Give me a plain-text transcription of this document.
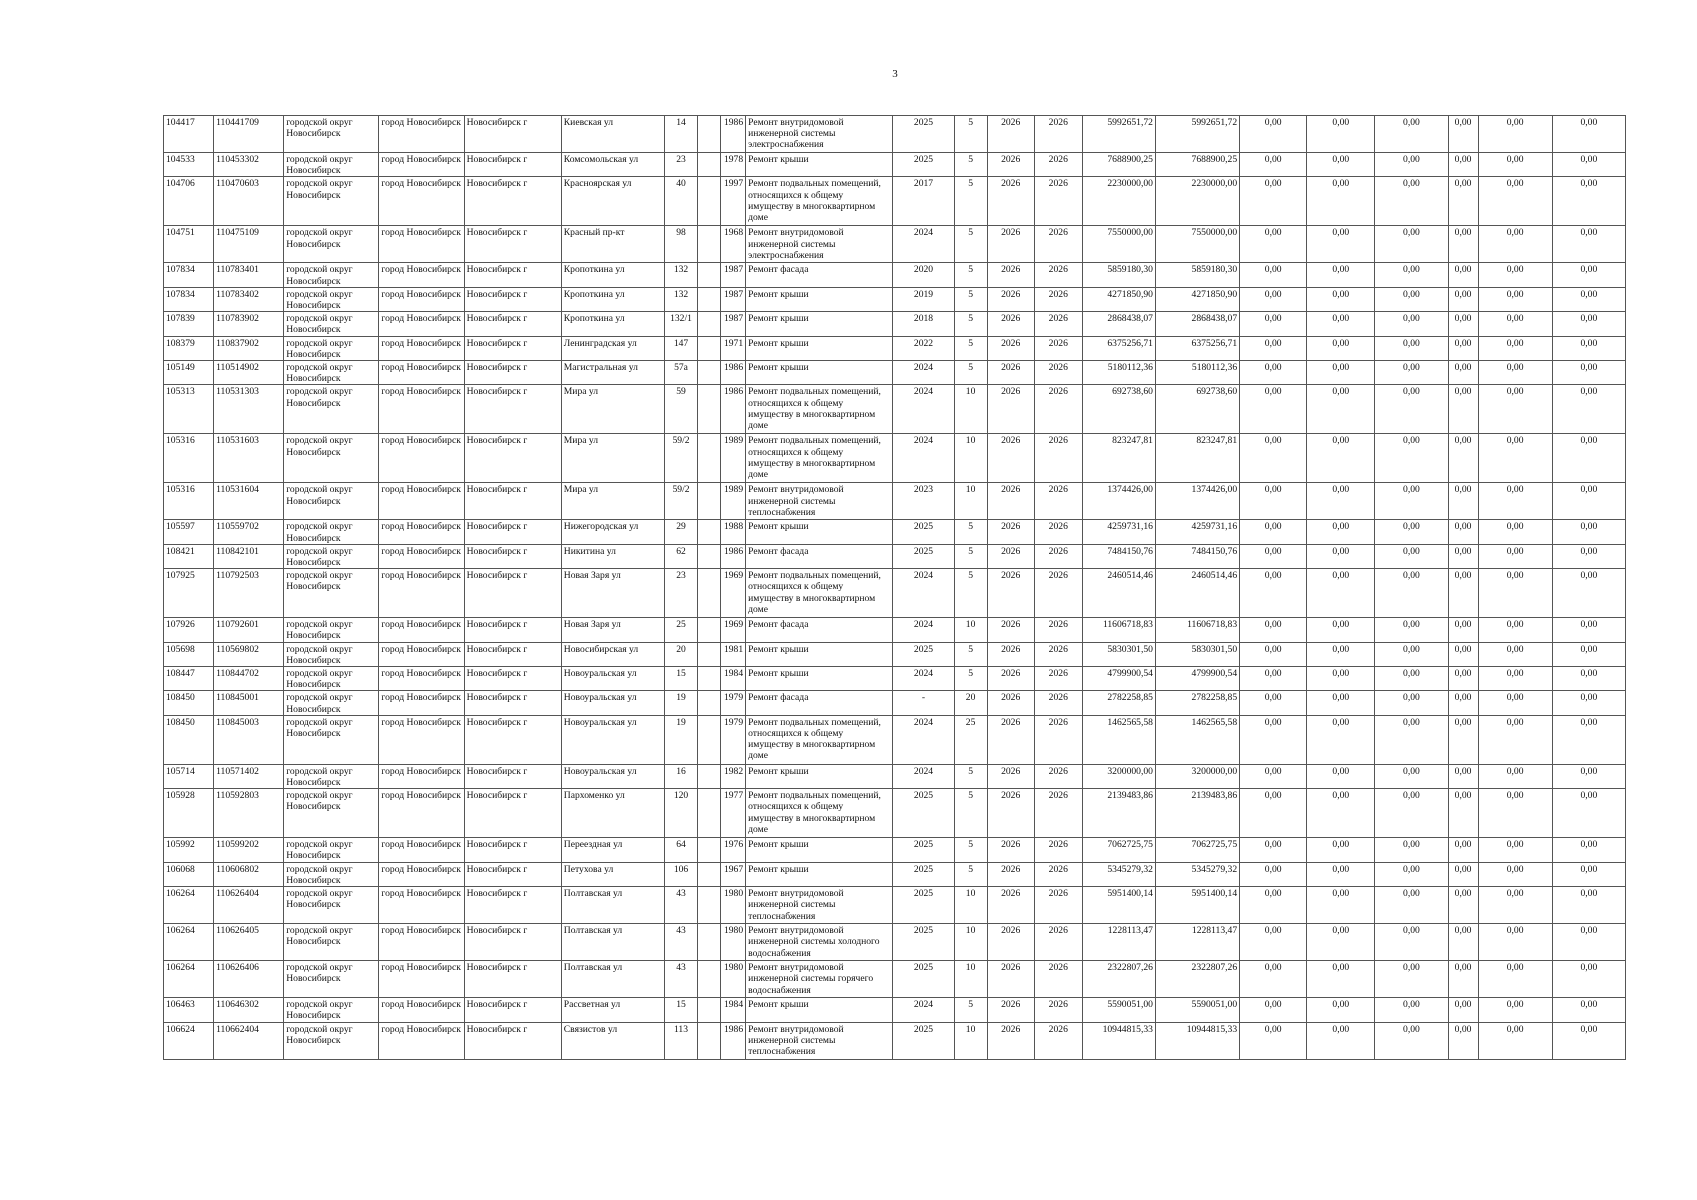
3
104417	110441709	городской округ Новосибирск	город Новосибирск	Новосибирск г	Киевская ул	14		1986	Ремонт внутридомовой инженерной системы электроснабжения	2025	5	2026	2026	5992651,72	5992651,72	0,00	0,00	0,00	0,00	0,00	0,00
104533	110453302	городской округ Новосибирск	город Новосибирск	Новосибирск г	Комсомольская ул	23		1978	Ремонт крыши	2025	5	2026	2026	7688900,25	7688900,25	0,00	0,00	0,00	0,00	0,00	0,00
104706	110470603	городской округ Новосибирск	город Новосибирск	Новосибирск г	Красноярская ул	40		1997	Ремонт подвальных помещений, относящихся к общему имуществу в многоквартирном доме	2017	5	2026	2026	2230000,00	2230000,00	0,00	0,00	0,00	0,00	0,00	0,00
104751	110475109	городской округ Новосибирск	город Новосибирск	Новосибирск г	Красный пр-кт	98		1968	Ремонт внутридомовой инженерной системы электроснабжения	2024	5	2026	2026	7550000,00	7550000,00	0,00	0,00	0,00	0,00	0,00	0,00
107834	110783401	городской округ Новосибирск	город Новосибирск	Новосибирск г	Кропоткина ул	132		1987	Ремонт фасада	2020	5	2026	2026	5859180,30	5859180,30	0,00	0,00	0,00	0,00	0,00	0,00
107834	110783402	городской округ Новосибирск	город Новосибирск	Новосибирск г	Кропоткина ул	132		1987	Ремонт крыши	2019	5	2026	2026	4271850,90	4271850,90	0,00	0,00	0,00	0,00	0,00	0,00
107839	110783902	городской округ Новосибирск	город Новосибирск	Новосибирск г	Кропоткина ул	132/1		1987	Ремонт крыши	2018	5	2026	2026	2868438,07	2868438,07	0,00	0,00	0,00	0,00	0,00	0,00
108379	110837902	городской округ Новосибирск	город Новосибирск	Новосибирск г	Ленинградская ул	147		1971	Ремонт крыши	2022	5	2026	2026	6375256,71	6375256,71	0,00	0,00	0,00	0,00	0,00	0,00
105149	110514902	городской округ Новосибирск	город Новосибирск	Новосибирск г	Магистральная ул	57а		1986	Ремонт крыши	2024	5	2026	2026	5180112,36	5180112,36	0,00	0,00	0,00	0,00	0,00	0,00
105313	110531303	городской округ Новосибирск	город Новосибирск	Новосибирск г	Мира ул	59		1986	Ремонт подвальных помещений, относящихся к общему имуществу в многоквартирном доме	2024	10	2026	2026	692738,60	692738,60	0,00	0,00	0,00	0,00	0,00	0,00
105316	110531603	городской округ Новосибирск	город Новосибирск	Новосибирск г	Мира ул	59/2		1989	Ремонт подвальных помещений, относящихся к общему имуществу в многоквартирном доме	2024	10	2026	2026	823247,81	823247,81	0,00	0,00	0,00	0,00	0,00	0,00
105316	110531604	городской округ Новосибирск	город Новосибирск	Новосибирск г	Мира ул	59/2		1989	Ремонт внутридомовой инженерной системы теплоснабжения	2023	10	2026	2026	1374426,00	1374426,00	0,00	0,00	0,00	0,00	0,00	0,00
105597	110559702	городской округ Новосибирск	город Новосибирск	Новосибирск г	Нижегородская ул	29		1988	Ремонт крыши	2025	5	2026	2026	4259731,16	4259731,16	0,00	0,00	0,00	0,00	0,00	0,00
108421	110842101	городской округ Новосибирск	город Новосибирск	Новосибирск г	Никитина ул	62		1986	Ремонт фасада	2025	5	2026	2026	7484150,76	7484150,76	0,00	0,00	0,00	0,00	0,00	0,00
107925	110792503	городской округ Новосибирск	город Новосибирск	Новосибирск г	Новая Заря ул	23		1969	Ремонт подвальных помещений, относящихся к общему имуществу в многоквартирном доме	2024	5	2026	2026	2460514,46	2460514,46	0,00	0,00	0,00	0,00	0,00	0,00
107926	110792601	городской округ Новосибирск	город Новосибирск	Новосибирск г	Новая Заря ул	25		1969	Ремонт фасада	2024	10	2026	2026	11606718,83	11606718,83	0,00	0,00	0,00	0,00	0,00	0,00
105698	110569802	городской округ Новосибирск	город Новосибирск	Новосибирск г	Новосибирская ул	20		1981	Ремонт крыши	2025	5	2026	2026	5830301,50	5830301,50	0,00	0,00	0,00	0,00	0,00	0,00
108447	110844702	городской округ Новосибирск	город Новосибирск	Новосибирск г	Новоуральская ул	15		1984	Ремонт крыши	2024	5	2026	2026	4799900,54	4799900,54	0,00	0,00	0,00	0,00	0,00	0,00
108450	110845001	городской округ Новосибирск	город Новосибирск	Новосибирск г	Новоуральская ул	19		1979	Ремонт фасада	-	20	2026	2026	2782258,85	2782258,85	0,00	0,00	0,00	0,00	0,00	0,00
108450	110845003	городской округ Новосибирск	город Новосибирск	Новосибирск г	Новоуральская ул	19		1979	Ремонт подвальных помещений, относящихся к общему имуществу в многоквартирном доме	2024	25	2026	2026	1462565,58	1462565,58	0,00	0,00	0,00	0,00	0,00	0,00
105714	110571402	городской округ Новосибирск	город Новосибирск	Новосибирск г	Новоуральская ул	16		1982	Ремонт крыши	2024	5	2026	2026	3200000,00	3200000,00	0,00	0,00	0,00	0,00	0,00	0,00
105928	110592803	городской округ Новосибирск	город Новосибирск	Новосибирск г	Пархоменко ул	120		1977	Ремонт подвальных помещений, относящихся к общему имуществу в многоквартирном доме	2025	5	2026	2026	2139483,86	2139483,86	0,00	0,00	0,00	0,00	0,00	0,00
105992	110599202	городской округ Новосибирск	город Новосибирск	Новосибирск г	Переездная ул	64		1976	Ремонт крыши	2025	5	2026	2026	7062725,75	7062725,75	0,00	0,00	0,00	0,00	0,00	0,00
106068	110606802	городской округ Новосибирск	город Новосибирск	Новосибирск г	Петухова ул	106		1967	Ремонт крыши	2025	5	2026	2026	5345279,32	5345279,32	0,00	0,00	0,00	0,00	0,00	0,00
106264	110626404	городской округ Новосибирск	город Новосибирск	Новосибирск г	Полтавская ул	43		1980	Ремонт внутридомовой инженерной системы теплоснабжения	2025	10	2026	2026	5951400,14	5951400,14	0,00	0,00	0,00	0,00	0,00	0,00
106264	110626405	городской округ Новосибирск	город Новосибирск	Новосибирск г	Полтавская ул	43		1980	Ремонт внутридомовой инженерной системы холодного водоснабжения	2025	10	2026	2026	1228113,47	1228113,47	0,00	0,00	0,00	0,00	0,00	0,00
106264	110626406	городской округ Новосибирск	город Новосибирск	Новосибирск г	Полтавская ул	43		1980	Ремонт внутридомовой инженерной системы горячего водоснабжения	2025	10	2026	2026	2322807,26	2322807,26	0,00	0,00	0,00	0,00	0,00	0,00
106463	110646302	городской округ Новосибирск	город Новосибирск	Новосибирск г	Рассветная ул	15		1984	Ремонт крыши	2024	5	2026	2026	5590051,00	5590051,00	0,00	0,00	0,00	0,00	0,00	0,00
106624	110662404	городской округ Новосибирск	город Новосибирск	Новосибирск г	Связистов ул	113		1986	Ремонт внутридомовой инженерной системы теплоснабжения	2025	10	2026	2026	10944815,33	10944815,33	0,00	0,00	0,00	0,00	0,00	0,00
